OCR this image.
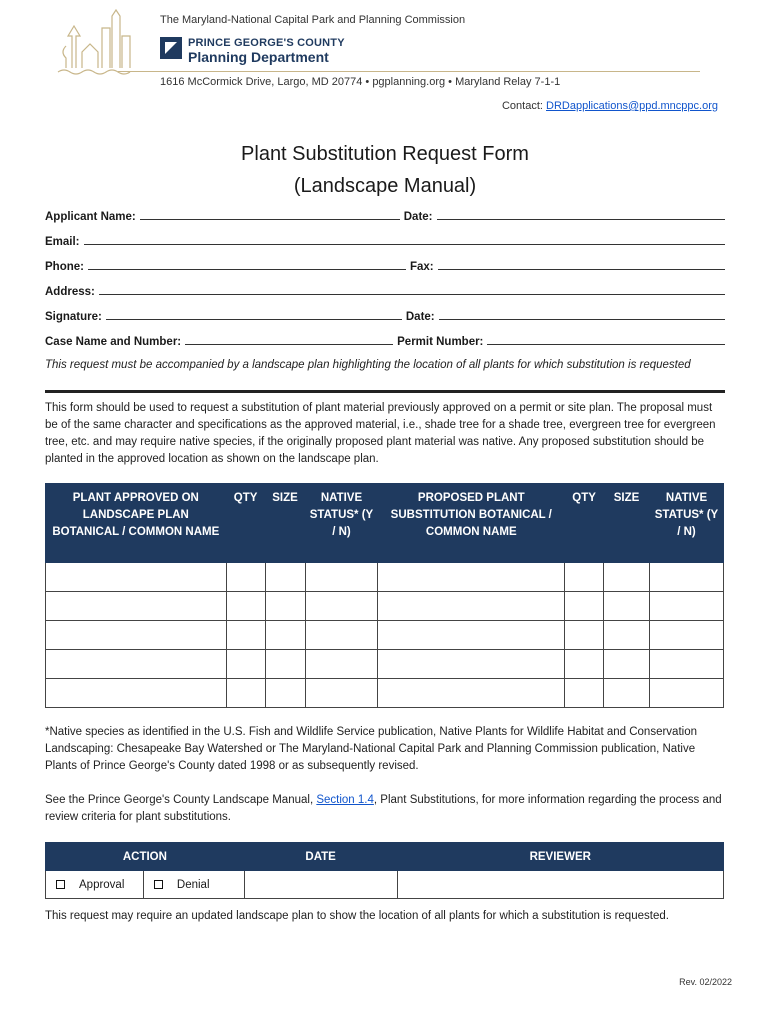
The Maryland-National Capital Park and Planning Commission
PRINCE GEORGE'S COUNTY
Planning Department
1616 McCormick Drive, Largo, MD 20774 • pgplanning.org • Maryland Relay 7-1-1
Contact: DRDapplications@ppd.mncppc.org
Plant Substitution Request Form
(Landscape Manual)
Applicant Name:	Date:
Email:
Phone:	Fax:
Address:
Signature:	Date:
Case Name and Number:	Permit Number:
This request must be accompanied by a landscape plan highlighting the location of all plants for which substitution is requested
This form should be used to request a substitution of plant material previously approved on a permit or site plan. The proposal must be of the same character and specifications as the approved material, i.e., shade tree for a shade tree, evergreen tree for evergreen tree, etc. and may require native species, if the originally proposed plant material was native. Any proposed substitution should be planted in the approved location as shown on the landscape plan.
PLANT APPROVED ON LANDSCAPE PLAN BOTANICAL / COMMON NAME	QTY	SIZE	NATIVE STATUS* (Y / N)	PROPOSED PLANT SUBSTITUTION BOTANICAL / COMMON NAME	QTY	SIZE	NATIVE STATUS* (Y / N)

*Native species as identified in the U.S. Fish and Wildlife Service publication, Native Plants for Wildlife Habitat and Conservation Landscaping: Chesapeake Bay Watershed or The Maryland-National Capital Park and Planning Commission publication, Native Plants of Prince George's County dated 1998 or as subsequently revised.
See the Prince George's County Landscape Manual, Section 1.4, Plant Substitutions, for more information regarding the process and review criteria for plant substitutions.
ACTION		DATE	REVIEWER
Approval	Denial		
This request may require an updated landscape plan to show the location of all plants for which a substitution is requested.
Rev. 02/2022
